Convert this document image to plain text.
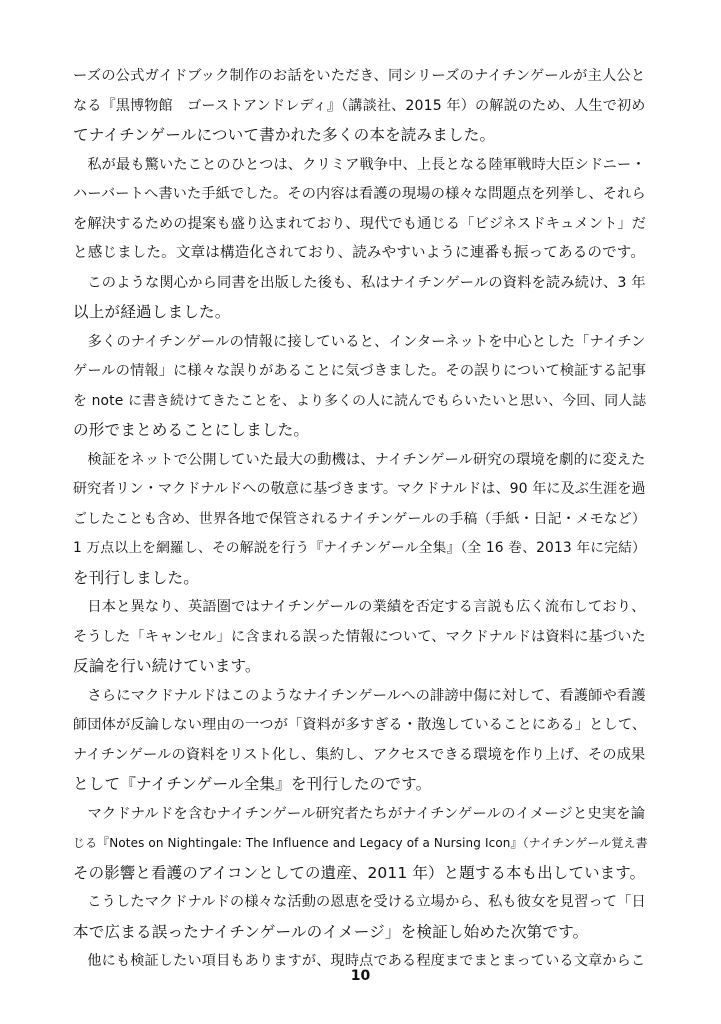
ーズの公式ガイドブック制作のお話をいただき、同シリーズのナイチンゲールが主人公と
なる『黒博物館　ゴーストアンドレディ』（講談社、2015 年）の解説のため、人生で初め
てナイチンゲールについて書かれた多くの本を読みました。
　私が最も驚いたことのひとつは、クリミア戦争中、上長となる陸軍戦時大臣シドニー・
ハーバートへ書いた手紙でした。その内容は看護の現場の様々な問題点を列挙し、それら
を解決するための提案も盛り込まれており、現代でも通じる「ビジネスドキュメント」だ
と感じました。文章は構造化されており、読みやすいように連番も振ってあるのです。
　このような関心から同書を出版した後も、私はナイチンゲールの資料を読み続け、3 年
以上が経過しました。
　多くのナイチンゲールの情報に接していると、インターネットを中心とした「ナイチン
ゲールの情報」に様々な誤りがあることに気づきました。その誤りについて検証する記事
を note に書き続けてきたことを、より多くの人に読んでもらいたいと思い、今回、同人誌
の形でまとめることにしました。
　検証をネットで公開していた最大の動機は、ナイチンゲール研究の環境を劇的に変えた
研究者リン・マクドナルドへの敬意に基づきます。マクドナルドは、90 年に及ぶ生涯を過
ごしたことも含め、世界各地で保管されるナイチンゲールの手稿（手紙・日記・メモなど）
1 万点以上を網羅し、その解説を行う『ナイチンゲール全集』（全 16 巻、2013 年に完結）
を刊行しました。
　日本と異なり、英語圏ではナイチンゲールの業績を否定する言説も広く流布しており、
そうした「キャンセル」に含まれる誤った情報について、マクドナルドは資料に基づいた
反論を行い続けています。
　さらにマクドナルドはこのようなナイチンゲールへの誹謗中傷に対して、看護師や看護
師団体が反論しない理由の一つが「資料が多すぎる・散逸していることにある」として、
ナイチンゲールの資料をリスト化し、集約し、アクセスできる環境を作り上げ、その成果
として『ナイチンゲール全集』を刊行したのです。
　マクドナルドを含むナイチンゲール研究者たちがナイチンゲールのイメージと史実を論
じる『Notes on Nightingale: The Influence and Legacy of a Nursing Icon』（ナイチンゲール覚え書
その影響と看護のアイコンとしての遺産、2011 年）と題する本も出しています。
　こうしたマクドナルドの様々な活動の恩恵を受ける立場から、私も彼女を見習って「日
本で広まる誤ったナイチンゲールのイメージ」を検証し始めた次第です。
　他にも検証したい項目もありますが、現時点である程度までまとまっている文章からこ
10
